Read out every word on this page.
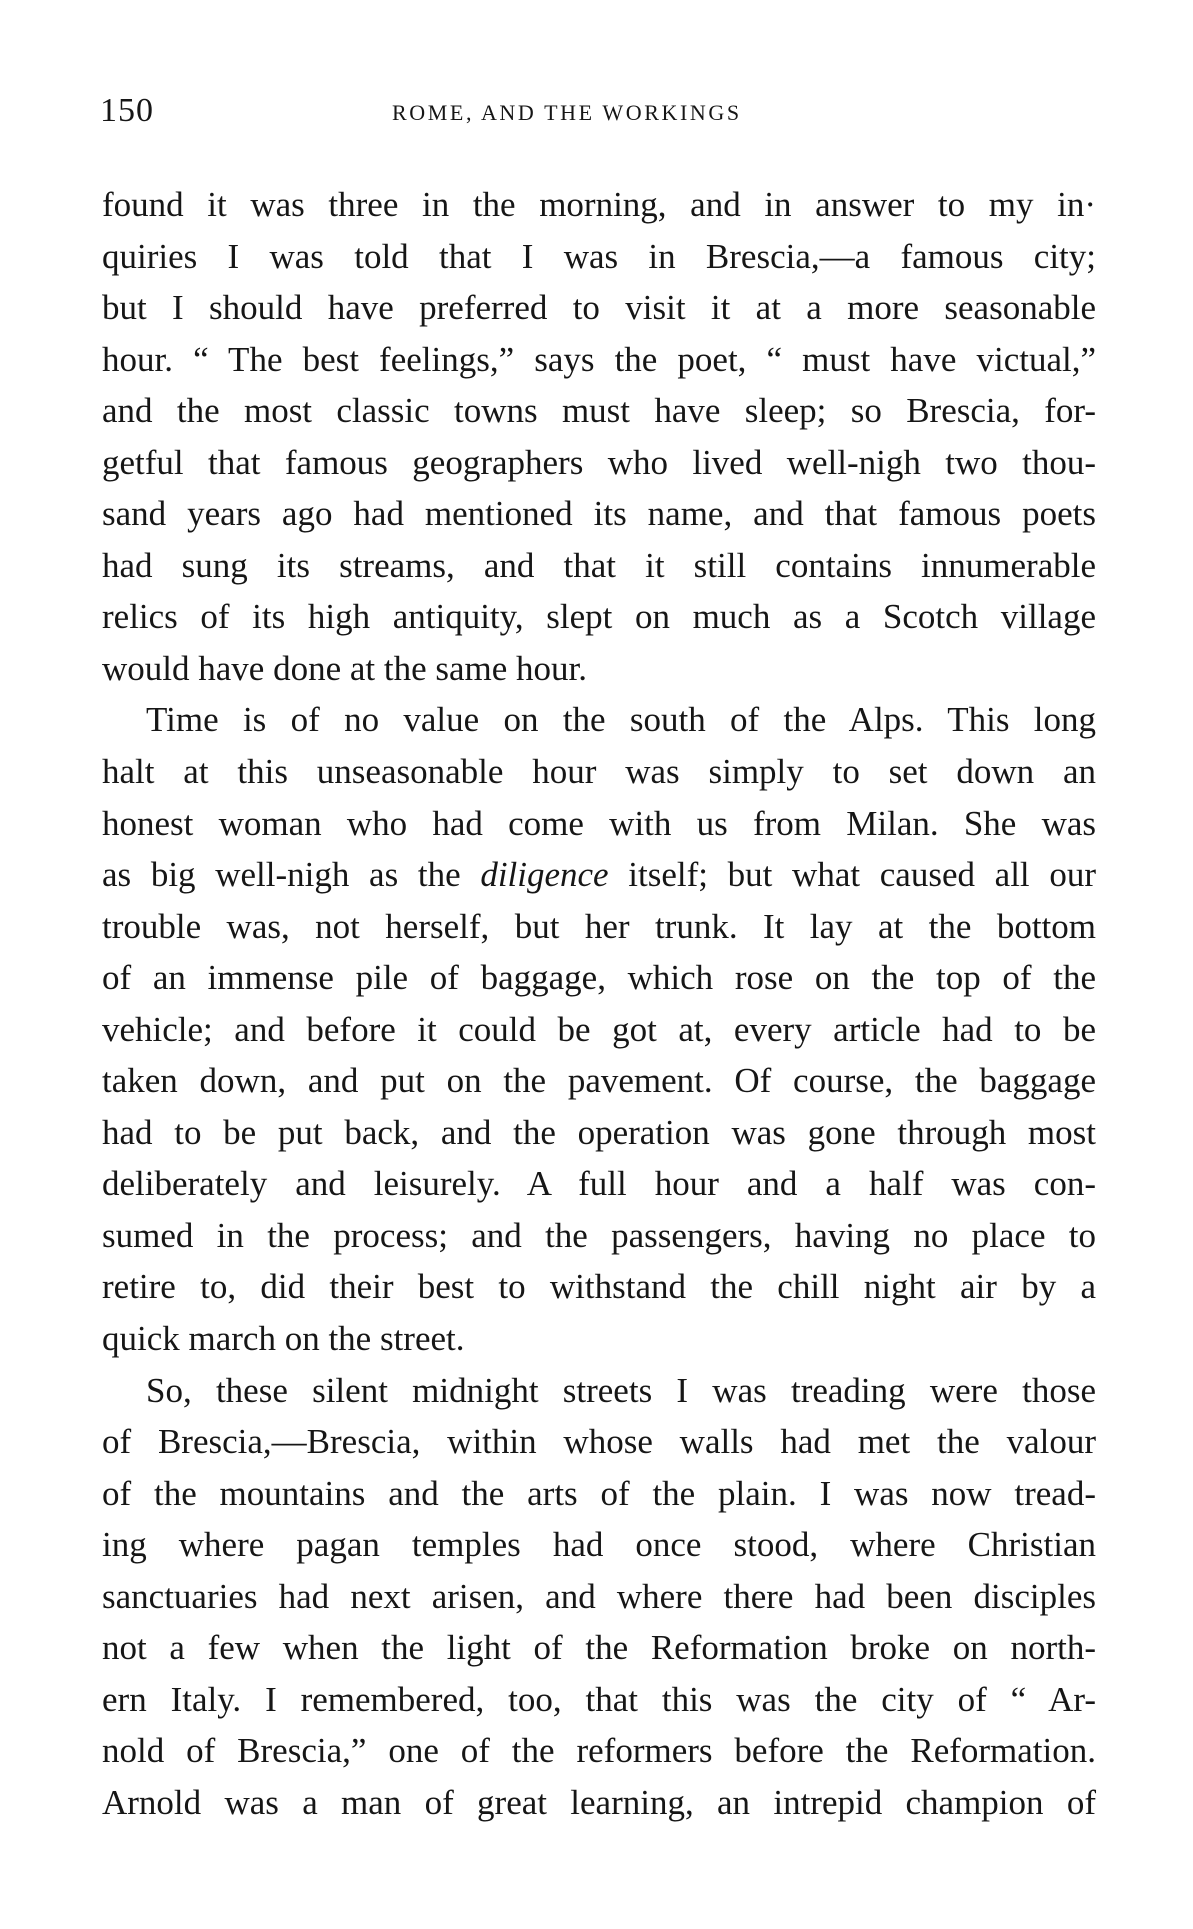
150	ROME, AND THE WORKINGS
found it was three in the morning, and in answer to my in·
quiries I was told that I was in Brescia,—a famous city;
but I should have preferred to visit it at a more seasonable
hour. “ The best feelings,” says the poet, “ must have victual,”
and the most classic towns must have sleep; so Brescia, for-
getful that famous geographers who lived well-nigh two thou-
sand years ago had mentioned its name, and that famous poets
had sung its streams, and that it still contains innumerable
relics of its high antiquity, slept on much as a Scotch village
would have done at the same hour.
Time is of no value on the south of the Alps. This long
halt at this unseasonable hour was simply to set down an
honest woman who had come with us from Milan. She was
as big well-nigh as the diligence itself; but what caused all our
trouble was, not herself, but her trunk. It lay at the bottom
of an immense pile of baggage, which rose on the top of the
vehicle; and before it could be got at, every article had to be
taken down, and put on the pavement. Of course, the baggage
had to be put back, and the operation was gone through most
deliberately and leisurely. A full hour and a half was con-
sumed in the process; and the passengers, having no place to
retire to, did their best to withstand the chill night air by a
quick march on the street.
So, these silent midnight streets I was treading were those
of Brescia,—Brescia, within whose walls had met the valour
of the mountains and the arts of the plain. I was now tread-
ing where pagan temples had once stood, where Christian
sanctuaries had next arisen, and where there had been disciples
not a few when the light of the Reformation broke on north-
ern Italy. I remembered, too, that this was the city of “ Ar-
nold of Brescia,” one of the reformers before the Reformation.
Arnold was a man of great learning, an intrepid champion of
